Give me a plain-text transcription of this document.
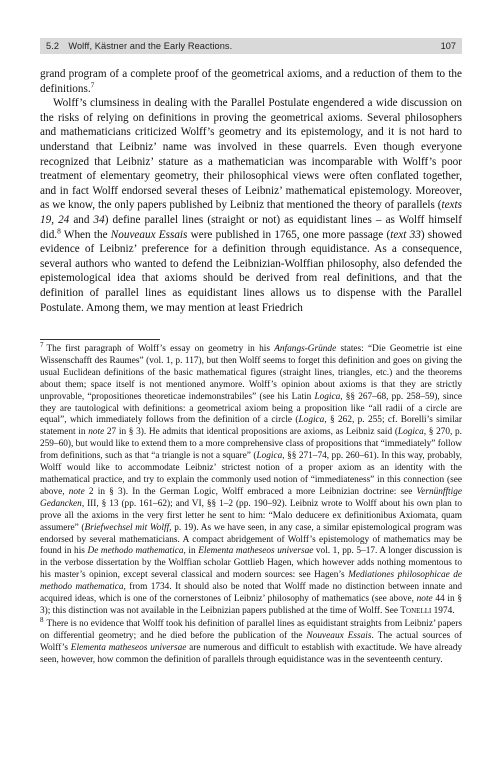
5.2 Wolff, Kästner and the Early Reactions.	107

grand program of a complete proof of the geometrical axioms, and a reduction of them to the definitions.$^7$

Wolff’s clumsiness in dealing with the Parallel Postulate engendered a wide discussion on the risks of relying on definitions in proving the geometrical axioms. Several philosophers and mathematicians criticized Wolff’s geometry and its epistemology, and it is not hard to understand that Leibniz’ name was involved in these quarrels. Even though everyone recognized that Leibniz’ stature as a mathematician was incomparable with Wolff’s poor treatment of elementary geometry, their philosophical views were often conflated together, and in fact Wolff endorsed several theses of Leibniz’ mathematical epistemology. Moreover, as we know, the only papers published by Leibniz that mentioned the theory of parallels (texts 19, 24 and 34) define parallel lines (straight or not) as equidistant lines – as Wolff himself did.$^8$ When the Nouveaux Essais were published in 1765, one more passage (text 33) showed evidence of Leibniz’ preference for a definition through equidistance. As a consequence, several authors who wanted to defend the Leibnizian-Wolffian philosophy, also defended the epistemological idea that axioms should be derived from real definitions, and that the definition of parallel lines as equidistant lines allows us to dispense with the Parallel Postulate. Among them, we may mention at least Friedrich

$^7$ The first paragraph of Wolff’s essay on geometry in his Anfangs-Gründe states: “Die Geometrie ist eine Wissenschafft des Raumes” (vol. 1, p. 117), but then Wolff seems to forget this definition and goes on giving the usual Euclidean definitions of the basic mathematical figures (straight lines, triangles, etc.) and the theorems about them; space itself is not mentioned anymore. Wolff’s opinion about axioms is that they are strictly unprovable, “propositiones theoreticae indemonstrabiles” (see his Latin Logica, §§ 267–68, pp. 258–59), since they are tautological with definitions: a geometrical axiom being a proposition like “all radii of a circle are equal”, which immediately follows from the definition of a circle (Logica, § 262, p. 255; cf. Borelli’s similar statement in note 27 in § 3). He admits that identical propositions are axioms, as Leibniz said (Logica, § 270, p. 259–60), but would like to extend them to a more comprehensive class of propositions that “immediately” follow from definitions, such as that “a triangle is not a square” (Logica, §§ 271–74, pp. 260–61). In this way, probably, Wolff would like to accommodate Leibniz’ strictest notion of a proper axiom as an identity with the mathematical practice, and try to explain the commonly used notion of “immediateness” in this connection (see above, note 2 in § 3). In the German Logic, Wolff embraced a more Leibnizian doctrine: see Vernünfftige Gedancken, III, § 13 (pp. 161–62); and VI, §§ 1–2 (pp. 190–92). Leibniz wrote to Wolff about his own plan to prove all the axioms in the very first letter he sent to him: “Malo deducere ex definitionibus Axiomata, quam assumere” (Briefwechsel mit Wolff, p. 19). As we have seen, in any case, a similar epistemological program was endorsed by several mathematicians. A compact abridgement of Wolff’s epistemology of mathematics may be found in his De methodo mathematica, in Elementa matheseos universae vol. 1, pp. 5–17. A longer discussion is in the verbose dissertation by the Wolffian scholar Gottlieb Hagen, which however adds nothing momentous to his master’s opinion, except several classical and modern sources: see Hagen’s Mediationes philosophicae de methodo mathematica, from 1734. It should also be noted that Wolff made no distinction between innate and acquired ideas, which is one of the cornerstones of Leibniz’ philosophy of mathematics (see above, note 44 in § 3); this distinction was not available in the Leibnizian papers published at the time of Wolff. See Tonelli 1974.

$^8$ There is no evidence that Wolff took his definition of parallel lines as equidistant straights from Leibniz’ papers on differential geometry; and he died before the publication of the Nouveaux Essais. The actual sources of Wolff’s Elementa matheseos universae are numerous and difficult to establish with exactitude. We have already seen, however, how common the definition of parallels through equidistance was in the seventeenth century.
